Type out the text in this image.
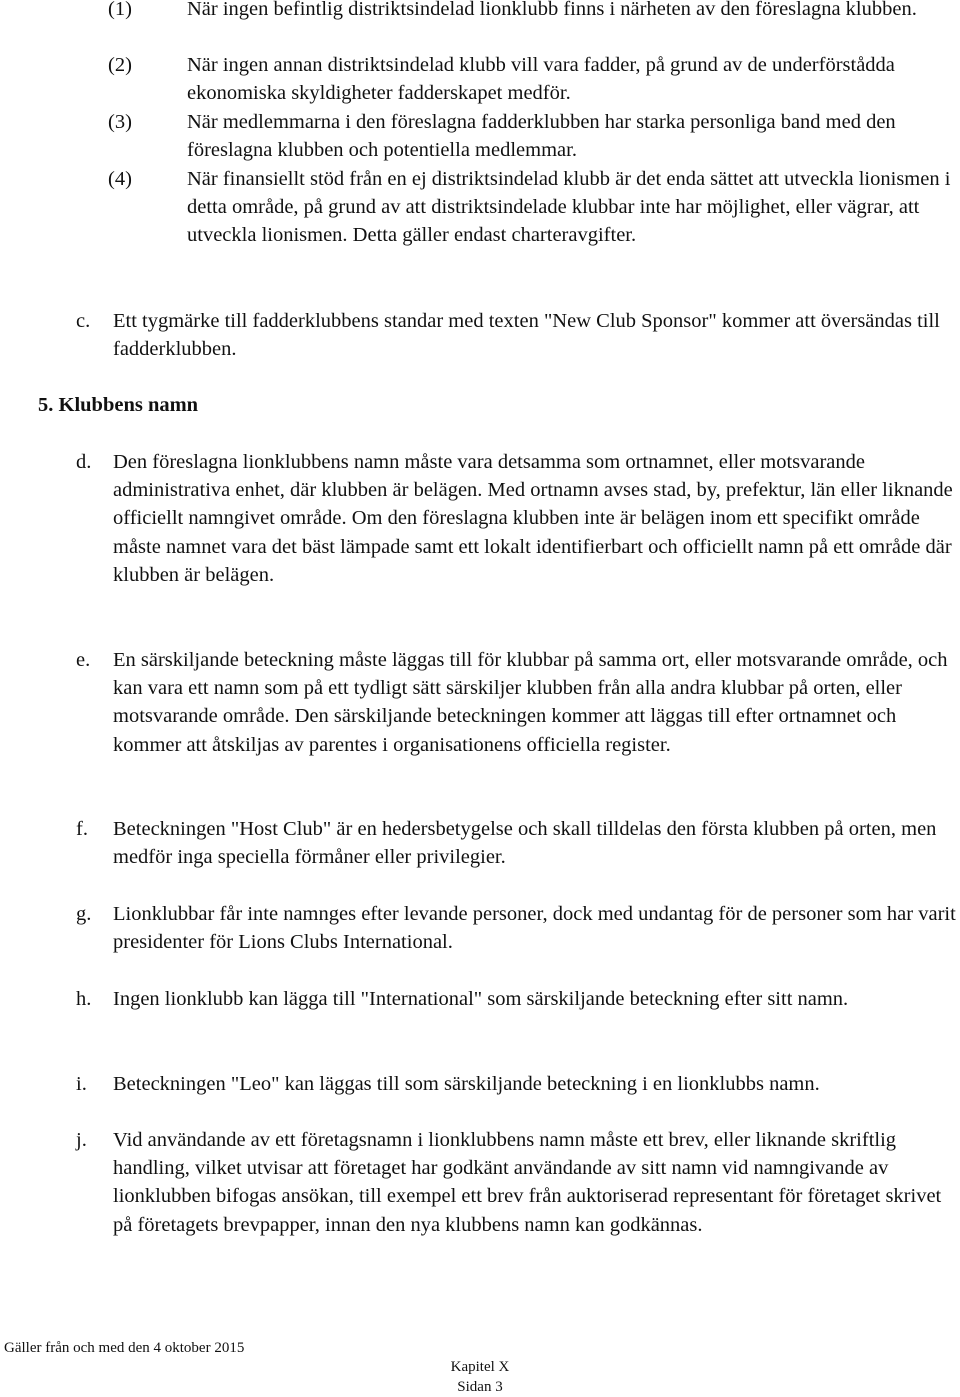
(1)	När ingen befintlig distriktsindelad lionklubb finns i närheten av den föreslagna klubben.
(2)	När ingen annan distriktsindelad klubb vill vara fadder, på grund av de underförstådda ekonomiska skyldigheter fadderskapet medför.
(3)	När medlemmarna i den föreslagna fadderklubben har starka personliga band med den föreslagna klubben och potentiella medlemmar.
(4)	När finansiellt stöd från en ej distriktsindelad klubb är det enda sättet att utveckla lionismen i detta område, på grund av att distriktsindelade klubbar inte har möjlighet, eller vägrar, att utveckla lionismen. Detta gäller endast charteravgifter.
c. Ett tygmärke till fadderklubbens standar med texten "New Club Sponsor" kommer att översändas till fadderklubben.
5. Klubbens namn
d. Den föreslagna lionklubbens namn måste vara detsamma som ortnamnet, eller motsvarande administrativa enhet, där klubben är belägen. Med ortnamn avses stad, by, prefektur, län eller liknande officiellt namngivet område. Om den föreslagna klubben inte är belägen inom ett specifikt område måste namnet vara det bäst lämpade samt ett lokalt identifierbart och officiellt namn på ett område där klubben är belägen.
e. En särskiljande beteckning måste läggas till för klubbar på samma ort, eller motsvarande område, och kan vara ett namn som på ett tydligt sätt särskiljer klubben från alla andra klubbar på orten, eller motsvarande område. Den särskiljande beteckningen kommer att läggas till efter ortnamnet och kommer att åtskiljas av parentes i organisationens officiella register.
f. Beteckningen "Host Club" är en hedersbetygelse och skall tilldelas den första klubben på orten, men medför inga speciella förmåner eller privilegier.
g. Lionklubbar får inte namnges efter levande personer, dock med undantag för de personer som har varit presidenter för Lions Clubs International.
h. Ingen lionklubb kan lägga till "International" som särskiljande beteckning efter sitt namn.
i. Beteckningen "Leo" kan läggas till som särskiljande beteckning i en lionklubbs namn.
j. Vid användande av ett företagsnamn i lionklubbens namn måste ett brev, eller liknande skriftlig handling, vilket utvisar att företaget har godkänt användande av sitt namn vid namngivande av lionklubben bifogas ansökan, till exempel ett brev från auktoriserad representant för företaget skrivet på företagets brevpapper, innan den nya klubbens namn kan godkännas.
Gäller från och med den 4 oktober 2015
Kapitel X
Sidan 3
